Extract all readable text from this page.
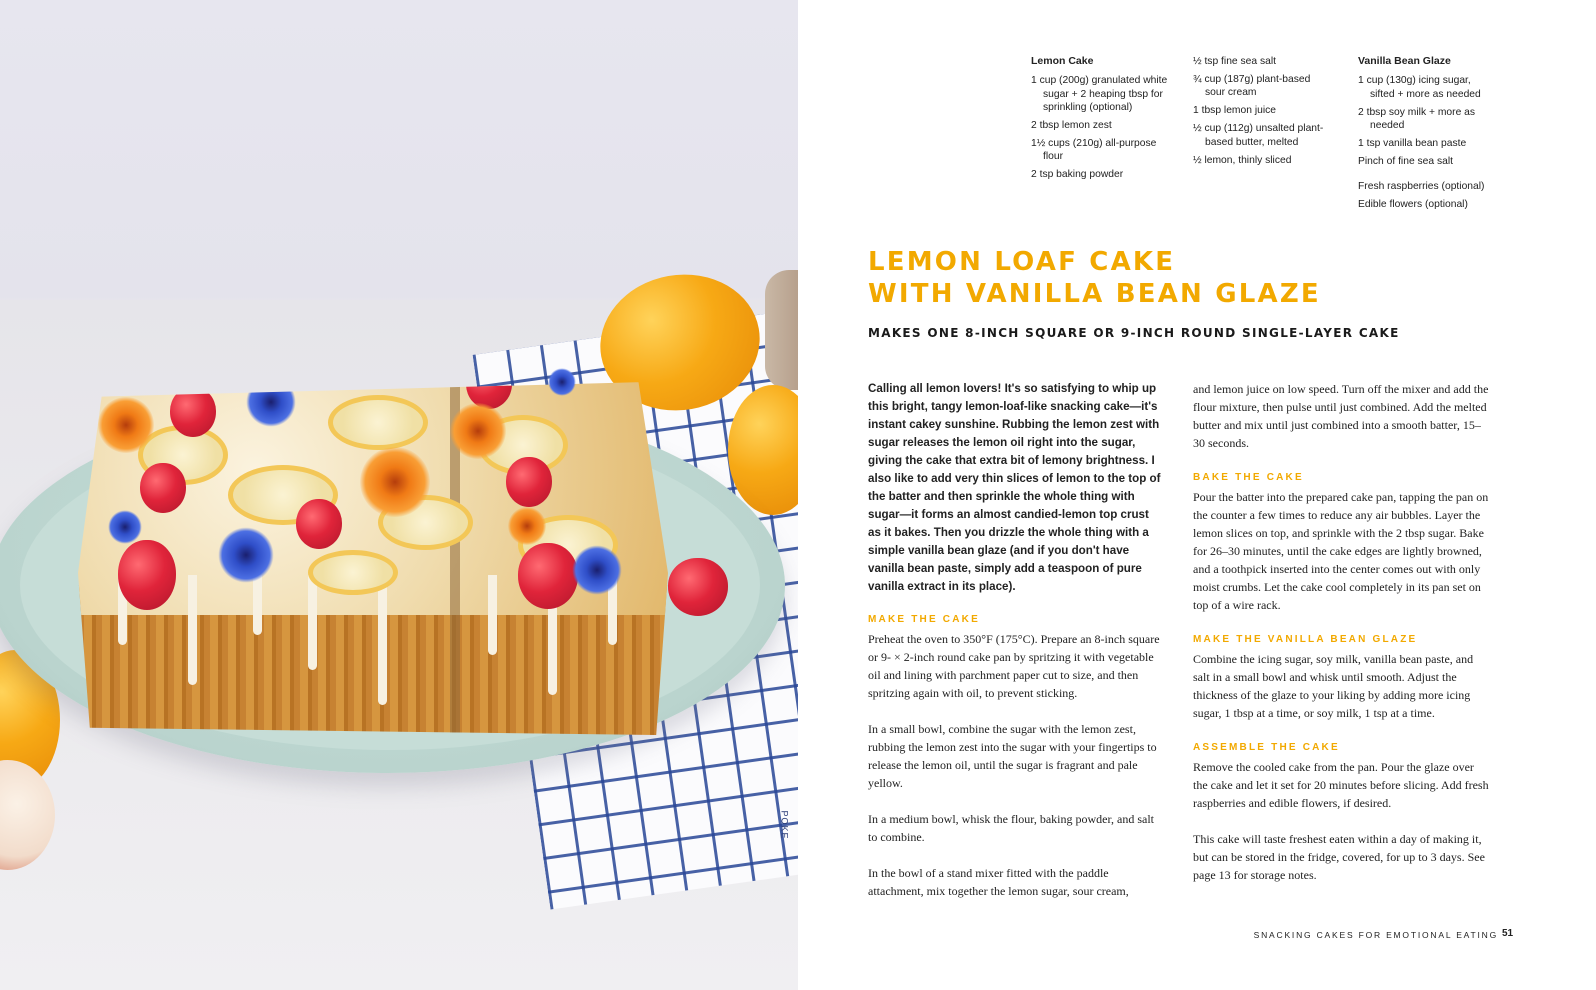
POKE
Lemon Cake
1 cup (200g) granulated white sugar + 2 heaping tbsp for sprinkling (optional)
2 tbsp lemon zest
1½ cups (210g) all-purpose flour
2 tsp baking powder
½ tsp fine sea salt
¾ cup (187g) plant-based sour cream
1 tbsp lemon juice
½ cup (112g) unsalted plant-based butter, melted
½ lemon, thinly sliced
Vanilla Bean Glaze
1 cup (130g) icing sugar, sifted + more as needed
2 tbsp soy milk + more as needed
1 tsp vanilla bean paste
Pinch of fine sea salt
Fresh raspberries (optional)
Edible flowers (optional)
LEMON LOAF CAKE
WITH VANILLA BEAN GLAZE
MAKES ONE 8-INCH SQUARE OR 9-INCH ROUND SINGLE-LAYER CAKE

Calling all lemon lovers! It's so satisfying to whip up this bright, tangy lemon-loaf-like snacking cake—it's instant cakey sunshine. Rubbing the lemon zest with sugar releases the lemon oil right into the sugar, giving the cake that extra bit of lemony brightness. I also like to add very thin slices of lemon to the top of the batter and then sprinkle the whole thing with sugar—it forms an almost candied-lemon top crust as it bakes. Then you drizzle the whole thing with a simple vanilla bean glaze (and if you don't have vanilla bean paste, simply add a teaspoon of pure vanilla extract in its place).

MAKE THE CAKE

Preheat the oven to 350°F (175°C). Prepare an 8-inch square or 9- × 2-inch round cake pan by spritzing it with vegetable oil and lining with parchment paper cut to size, and then spritzing again with oil, to prevent sticking.

In a small bowl, combine the sugar with the lemon zest, rubbing the lemon zest into the sugar with your fingertips to release the lemon oil, until the sugar is fragrant and pale yellow.

In a medium bowl, whisk the flour, baking powder, and salt to combine.

In the bowl of a stand mixer fitted with the paddle attachment, mix together the lemon sugar, sour cream,

and lemon juice on low speed. Turn off the mixer and add the flour mixture, then pulse until just combined. Add the melted butter and mix until just combined into a smooth batter, 15–30 seconds.

BAKE THE CAKE

Pour the batter into the prepared cake pan, tapping the pan on the counter a few times to reduce any air bubbles. Layer the lemon slices on top, and sprinkle with the 2 tbsp sugar. Bake for 26–30 minutes, until the cake edges are lightly browned, and a toothpick inserted into the center comes out with only moist crumbs. Let the cake cool completely in its pan set on top of a wire rack.

MAKE THE VANILLA BEAN GLAZE

Combine the icing sugar, soy milk, vanilla bean paste, and salt in a small bowl and whisk until smooth. Adjust the thickness of the glaze to your liking by adding more icing sugar, 1 tbsp at a time, or soy milk, 1 tsp at a time.

ASSEMBLE THE CAKE

Remove the cooled cake from the pan. Pour the glaze over the cake and let it set for 20 minutes before slicing. Add fresh raspberries and edible flowers, if desired.

This cake will taste freshest eaten within a day of making it, but can be stored in the fridge, covered, for up to 3 days. See page 13 for storage notes.

SNACKING CAKES FOR EMOTIONAL EATING 51
